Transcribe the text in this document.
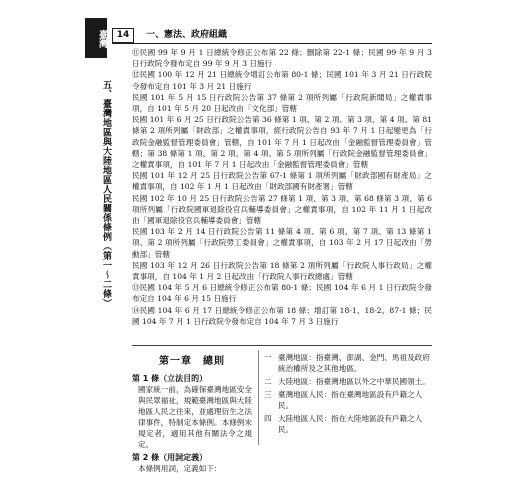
臺灣	14	一、憲法、政府組織
五、臺灣地區與大陸地區人民關係條例（第一～二條）

⑪民國 99 年 9 月 1 日總統令修正公布第 22 條；刪除第 22-1 條；民國 99 年 9 月 3 日行政院令發布定自 99 年 9 月 3 日施行

⑫民國 100 年 12 月 21 日總統令增訂公布第 80-1 條；民國 101 年 3 月 21 日行政院令發布定自 101 年 3 月 21 日施行

民國 101 年 5 月 15 日行政院公告第 37 條第 2 項所列屬「行政院新聞局」之權責事項，自 101 年 5 月 20 日起改由「文化部」管轄

民國 101 年 6 月 25 日行政院公告第 36 條第 1 項、第 2 項、第 3 項、第 4 項、第 81 條第 2 項所列屬「財政部」之權責事項，經行政院公告自 93 年 7 月 1 日起變更為「行政院金融監督管理委員會」管轄，自 101 年 7 月 1 日起改由「金融監督管理委員會」管轄；第 38 條第 1 項、第 2 項、第 4 項、第 5 項所列屬「行政院金融監督管理委員會」之權責事項，自 101 年 7 月 1 日起改由「金融監督管理委員會」管轄

民國 101 年 12 月 25 日行政院公告第 67-1 條第 1 項所列屬「財政部國有財產局」之權責事項，自 102 年 1 月 1 日起改由「財政部國有財產署」管轄

民國 102 年 10 月 25 日行政院公告第 27 條第 1 項、第 3 項、第 68 條第 3 項、第 6 項所列屬「行政院國軍退除役官兵輔導委員會」之權責事項，自 102 年 11 月 1 日起改由「國軍退除役官兵輔導委員會」管轄

民國 103 年 2 月 14 日行政院公告第 11 條第 4 項、第 6 項、第 7 項、第 13 條第 1 項、第 2 項所列屬「行政院勞工委員會」之權責事項，自 103 年 2 月 17 日起改由「勞動部」管轄

民國 103 年 12 月 26 日行政院公告第 18 條第 2 項所列屬「行政院人事行政局」之權責事項，自 104 年 1 月 2 日起改由「行政院人事行政總處」管轄

⑬民國 104 年 5 月 6 日總統令修正公布第 80-1 條；民國 104 年 6 月 1 日行政院令發布定自 104 年 6 月 15 日施行

⑭民國 104 年 6 月 17 日總統令修正公布第 18 條；增訂第 18-1、18-2、87-1 條；民國 104 年 7 月 1 日行政院令發布定自 104 年 7 月 3 日施行

第一章　總則

第 1 條（立法目的）

國家統一前，為確保臺灣地區安全與民眾福祉，規範臺灣地區與大陸地區人民之往來，並處理衍生之法律事件，特制定本條例。本條例未規定者，適用其他有關法令之規定。

第 2 條（用詞定義）

本條例用詞，定義如下：

一 臺灣地區：指臺灣、澎湖、金門、馬祖及政府統治權所及之其他地區。
二 大陸地區：指臺灣地區以外之中華民國領土。
三 臺灣地區人民：指在臺灣地區設有戶籍之人民。
四 大陸地區人民：指在大陸地區設有戶籍之人民。
